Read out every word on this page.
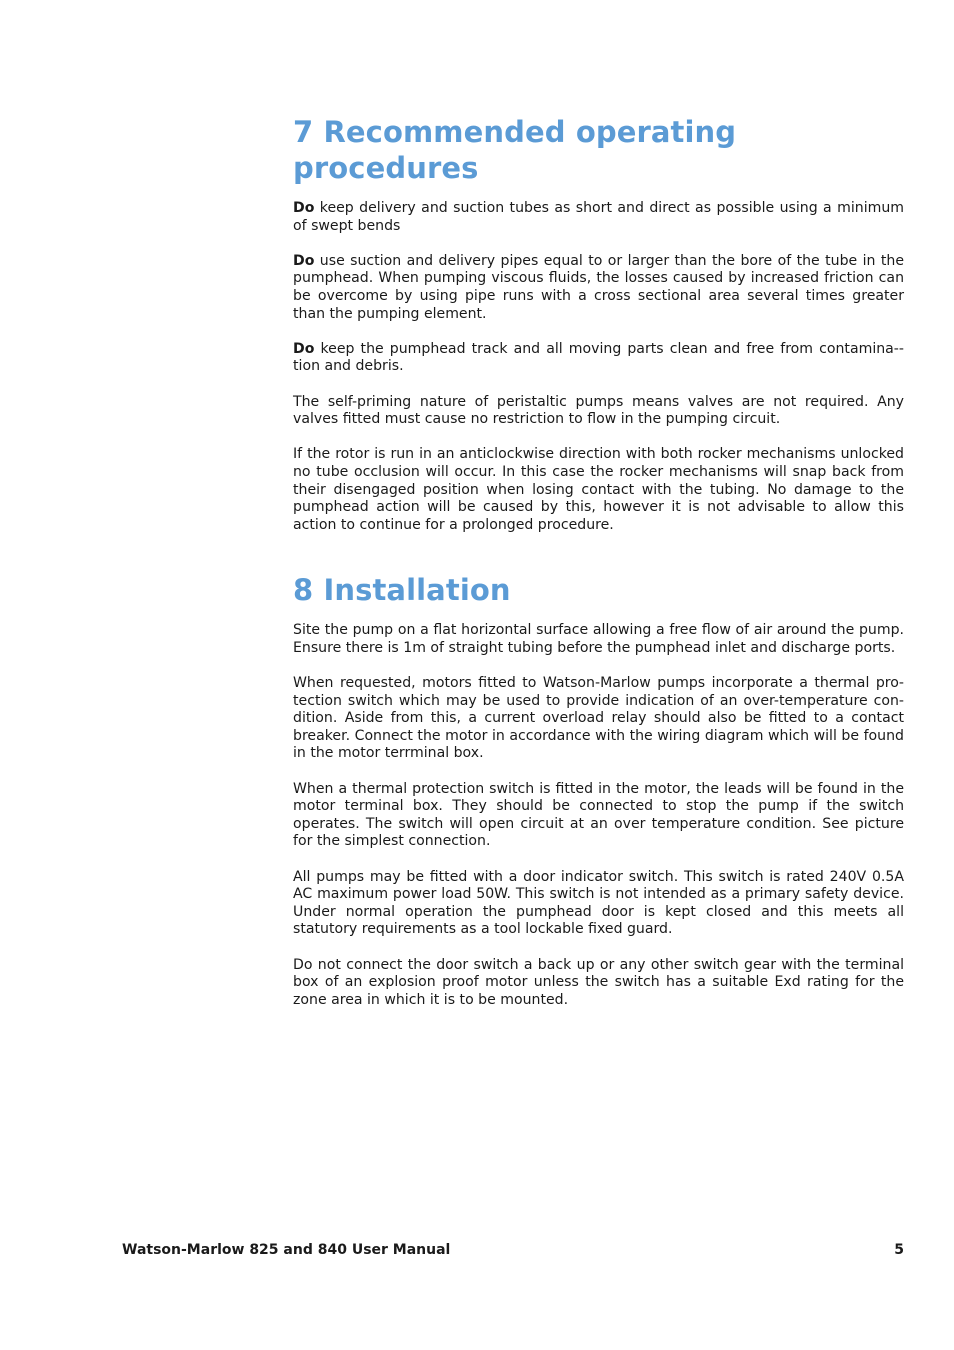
7 Recommended operating procedures

Do keep delivery and suction tubes as short and direct as possible using a minimum of swept bends

Do use suction and delivery pipes equal to or larger than the bore of the tube in the pumphead. When pumping viscous fluids, the losses caused by increased friction can be overcome by using pipe runs with a cross sectional area several times greater than the pumping element.

Do keep the pumphead track and all moving parts clean and free from contamina-tion and debris.

The self-priming nature of peristaltic pumps means valves are not required. Any valves fitted must cause no restriction to flow in the pumping circuit.

If the rotor is run in an anticlockwise direction with both rocker mechanisms unlocked no tube occlusion will occur. In this case the rocker mechanisms will snap back from their disengaged position when losing contact with the tubing. No damage to the pumphead action will be caused by this, however it is not advisable to allow this action to continue for a prolonged procedure.

8 Installation

Site the pump on a flat horizontal surface allowing a free flow of air around the pump. Ensure there is 1m of straight tubing before the pumphead inlet and discharge ports.

When requested, motors fitted to Watson-Marlow pumps incorporate a thermal protection switch which may be used to provide indication of an over-temperature condition. Aside from this, a current overload relay should also be fitted to a contact breaker. Connect the motor in accordance with the wiring diagram which will be found in the motor terrminal box.

When a thermal protection switch is fitted in the motor, the leads will be found in the motor terminal box. They should be connected to stop the pump if the switch operates. The switch will open circuit at an over temperature condition. See picture for the simplest connection.

All pumps may be fitted with a door indicator switch. This switch is rated 240V 0.5A AC maximum power load 50W. This switch is not intended as a primary safety device. Under normal operation the pumphead door is kept closed and this meets all statutory requirements as a tool lockable fixed guard.

Do not connect the door switch a back up or any other switch gear with the terminal box of an explosion proof motor unless the switch has a suitable Exd rating for the zone area in which it is to be mounted.

Watson-Marlow 825 and 840 User Manual	5
